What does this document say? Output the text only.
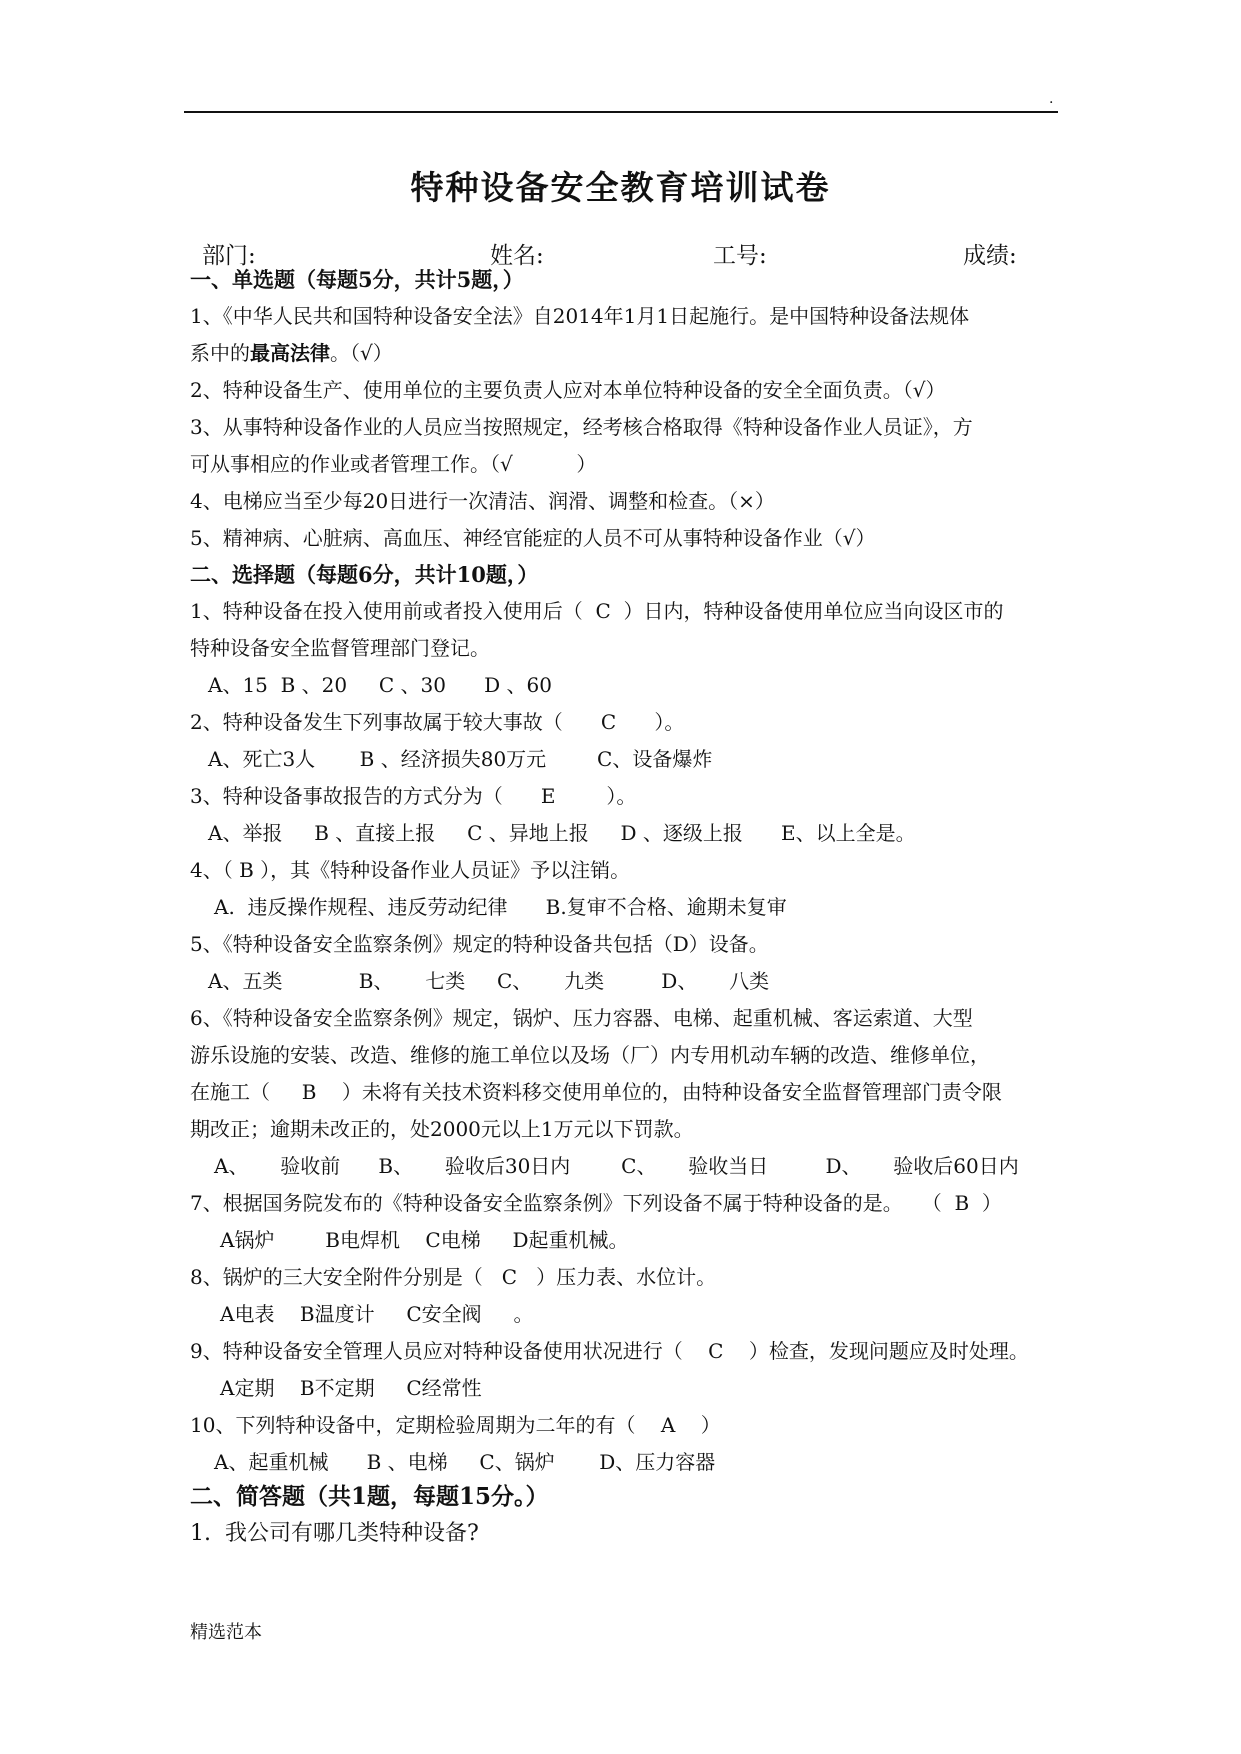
.
特种设备安全教育培训试卷
部门:	姓名:	工号:	成绩:
一、单选题（每题5分，共计5题，）
1、《中华人民共和国特种设备安全法》自2014年1月1日起施行。是中国特种设备法规体
系中的最高法律。（√）
2、特种设备生产、使用单位的主要负责人应对本单位特种设备的安全全面负责。（√）
3、从事特种设备作业的人员应当按照规定，经考核合格取得《特种设备作业人员证》，方
可从事相应的作业或者管理工作。（√          ）
4、电梯应当至少每20日进行一次清洁、润滑、调整和检查。（×）
5、精神病、心脏病、高血压、神经官能症的人员不可从事特种设备作业（√）
二、选择题（每题6分，共计10题，）
1、特种设备在投入使用前或者投入使用后（  C  ）日内，特种设备使用单位应当向设区市的
特种设备安全监督管理部门登记。
A、15  B 、20     C 、30      D 、60
2、特种设备发生下列事故属于较大事故（      C      ）。
A、死亡3人       B 、经济损失80万元        C、设备爆炸
3、特种设备事故报告的方式分为（      E        ）。
A、举报     B 、直接上报     C 、异地上报     D 、逐级上报      E、以上全是。
4、（ B ），其《特种设备作业人员证》予以注销。
A.  违反操作规程、违反劳动纪律      B.复审不合格、逾期未复审
5、《特种设备安全监察条例》规定的特种设备共包括（D）设备。
A、五类            B、     七类     C、     九类         D、     八类
6、《特种设备安全监察条例》规定，锅炉、压力容器、电梯、起重机械、客运索道、大型
游乐设施的安装、改造、维修的施工单位以及场（厂）内专用机动车辆的改造、维修单位，
在施工（     B    ）未将有关技术资料移交使用单位的，由特种设备安全监督管理部门责令限
期改正；逾期未改正的，处2000元以上1万元以下罚款。
A、     验收前      B、     验收后30日内        C、     验收当日         D、     验收后60日内
7、根据国务院发布的《特种设备安全监察条例》下列设备不属于特种设备的是。   （  B  ）
A锅炉        B电焊机    C电梯     D起重机械。
8、锅炉的三大安全附件分别是（   C   ）压力表、水位计。
A电表    B温度计     C安全阀     。
9、特种设备安全管理人员应对特种设备使用状况进行（    C    ）检查，发现问题应及时处理。
A定期    B不定期     C经常性
10、下列特种设备中，定期检验周期为二年的有（    A    ）
A、起重机械      B 、电梯     C、锅炉       D、压力容器
二、简答题（共1题，每题15分。）
1.  我公司有哪几类特种设备?
精选范本
